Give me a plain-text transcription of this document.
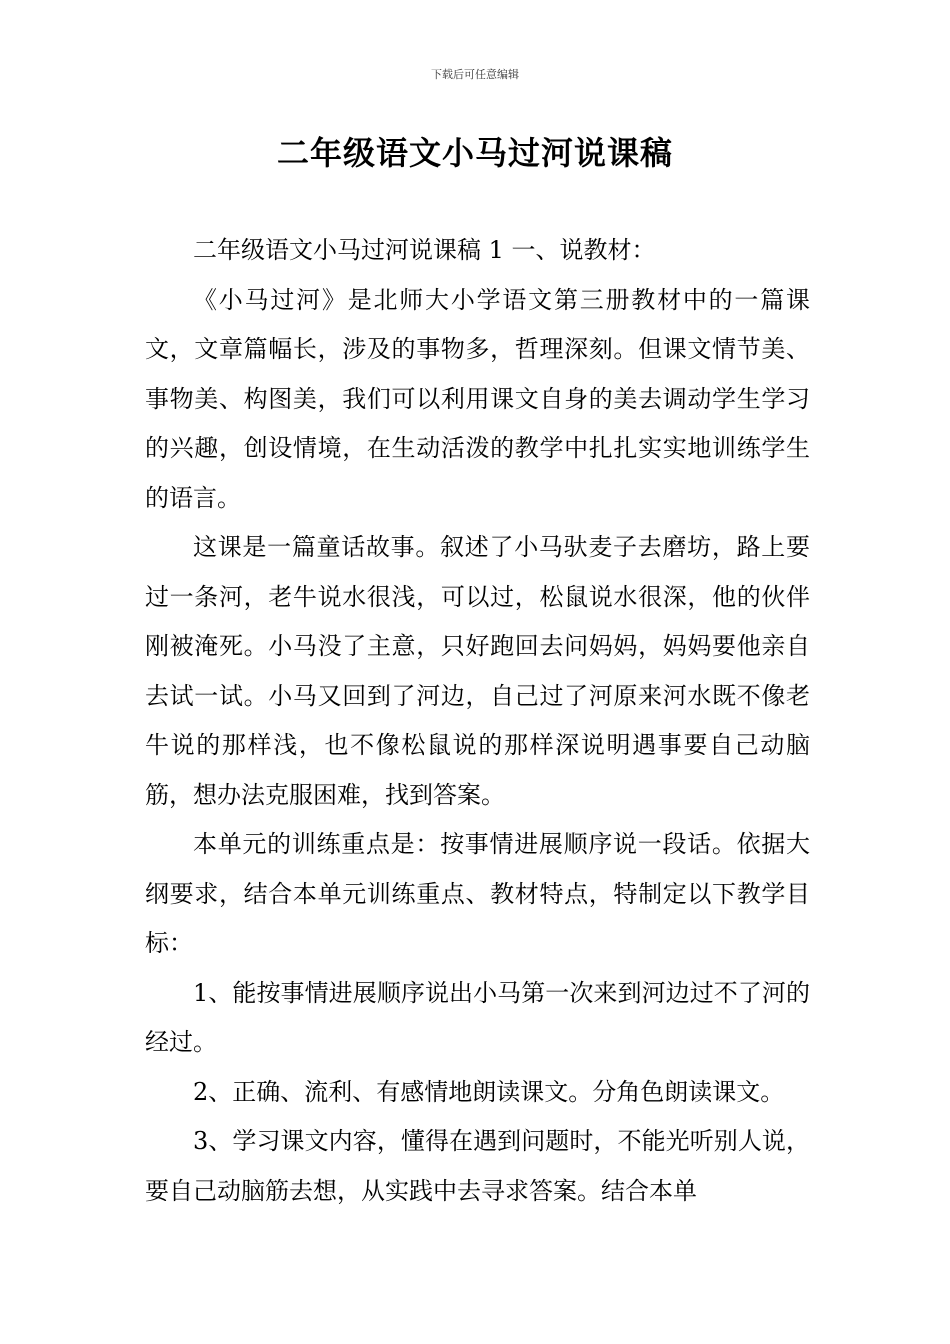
下载后可任意编辑
二年级语文小马过河说课稿

二年级语文小马过河说课稿 1 一、说教材：

《小马过河》是北师大小学语文第三册教材中的一篇课文，文章篇幅长，涉及的事物多，哲理深刻。但课文情节美、事物美、构图美，我们可以利用课文自身的美去调动学生学习的兴趣，创设情境，在生动活泼的教学中扎扎实实地训练学生的语言。

这课是一篇童话故事。叙述了小马驮麦子去磨坊，路上要过一条河，老牛说水很浅，可以过，松鼠说水很深，他的伙伴刚被淹死。小马没了主意，只好跑回去问妈妈，妈妈要他亲自去试一试。小马又回到了河边，自己过了河原来河水既不像老牛说的那样浅，也不像松鼠说的那样深说明遇事要自己动脑筋，想办法克服困难，找到答案。

本单元的训练重点是：按事情进展顺序说一段话。依据大纲要求，结合本单元训练重点、教材特点，特制定以下教学目标：

1、能按事情进展顺序说出小马第一次来到河边过不了河的经过。

2、正确、流利、有感情地朗读课文。分角色朗读课文。

3、学习课文内容，懂得在遇到问题时，不能光听别人说，要自己动脑筋去想，从实践中去寻求答案。结合本单
